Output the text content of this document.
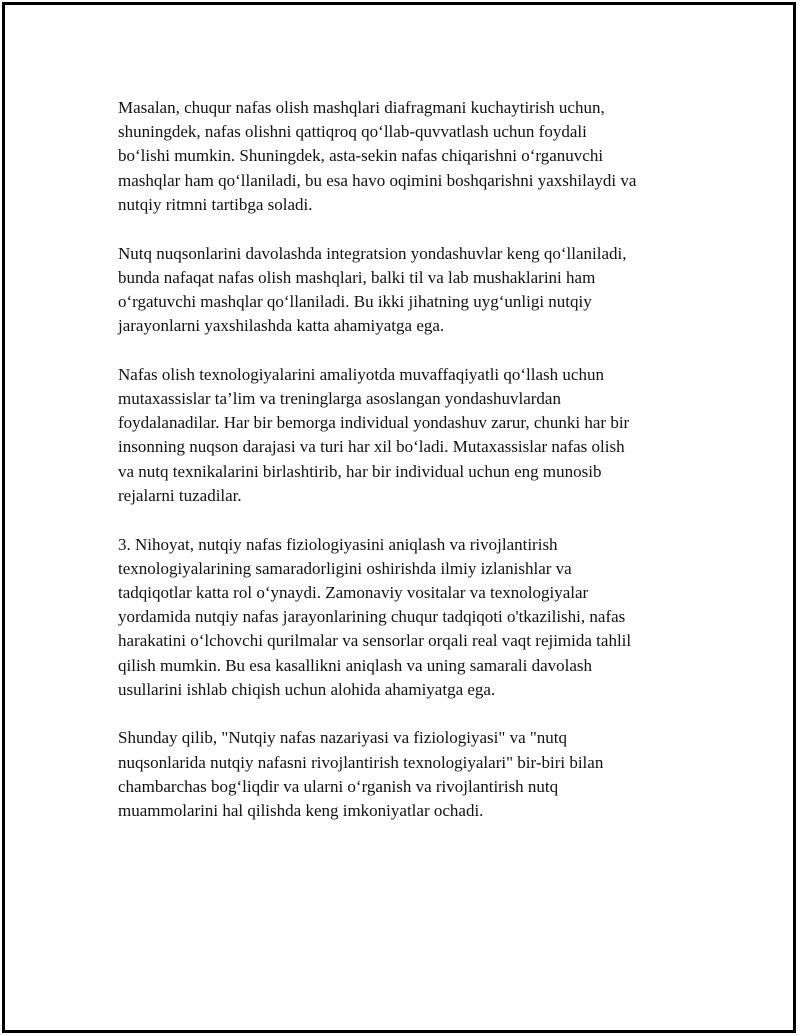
Masalan, chuqur nafas olish mashqlari diafragmani kuchaytirish uchun,
shuningdek, nafas olishni qattiqroq qo‘llab-quvvatlash uchun foydali
bo‘lishi mumkin. Shuningdek, asta-sekin nafas chiqarishni o‘rganuvchi
mashqlar ham qo‘llaniladi, bu esa havo oqimini boshqarishni yaxshilaydi va
nutqiy ritmni tartibga soladi.

Nutq nuqsonlarini davolashda integratsion yondashuvlar keng qo‘llaniladi,
bunda nafaqat nafas olish mashqlari, balki til va lab mushaklarini ham
o‘rgatuvchi mashqlar qo‘llaniladi. Bu ikki jihatning uyg‘unligi nutqiy
jarayonlarni yaxshilashda katta ahamiyatga ega.

Nafas olish texnologiyalarini amaliyotda muvaffaqiyatli qo‘llash uchun
mutaxassislar ta’lim va treninglarga asoslangan yondashuvlardan
foydalanadilar. Har bir bemorga individual yondashuv zarur, chunki har bir
insonning nuqson darajasi va turi har xil bo‘ladi. Mutaxassislar nafas olish
va nutq texnikalarini birlashtirib, har bir individual uchun eng munosib
rejalarni tuzadilar.

3. Nihoyat, nutqiy nafas fiziologiyasini aniqlash va rivojlantirish
texnologiyalarining samaradorligini oshirishda ilmiy izlanishlar va
tadqiqotlar katta rol o‘ynaydi. Zamonaviy vositalar va texnologiyalar
yordamida nutqiy nafas jarayonlarining chuqur tadqiqoti o'tkazilishi, nafas
harakatini o‘lchovchi qurilmalar va sensorlar orqali real vaqt rejimida tahlil
qilish mumkin. Bu esa kasallikni aniqlash va uning samarali davolash
usullarini ishlab chiqish uchun alohida ahamiyatga ega.

Shunday qilib, "Nutqiy nafas nazariyasi va fiziologiyasi" va "nutq
nuqsonlarida nutqiy nafasni rivojlantirish texnologiyalari" bir-biri bilan
chambarchas bog‘liqdir va ularni o‘rganish va rivojlantirish nutq
muammolarini hal qilishda keng imkoniyatlar ochadi.
